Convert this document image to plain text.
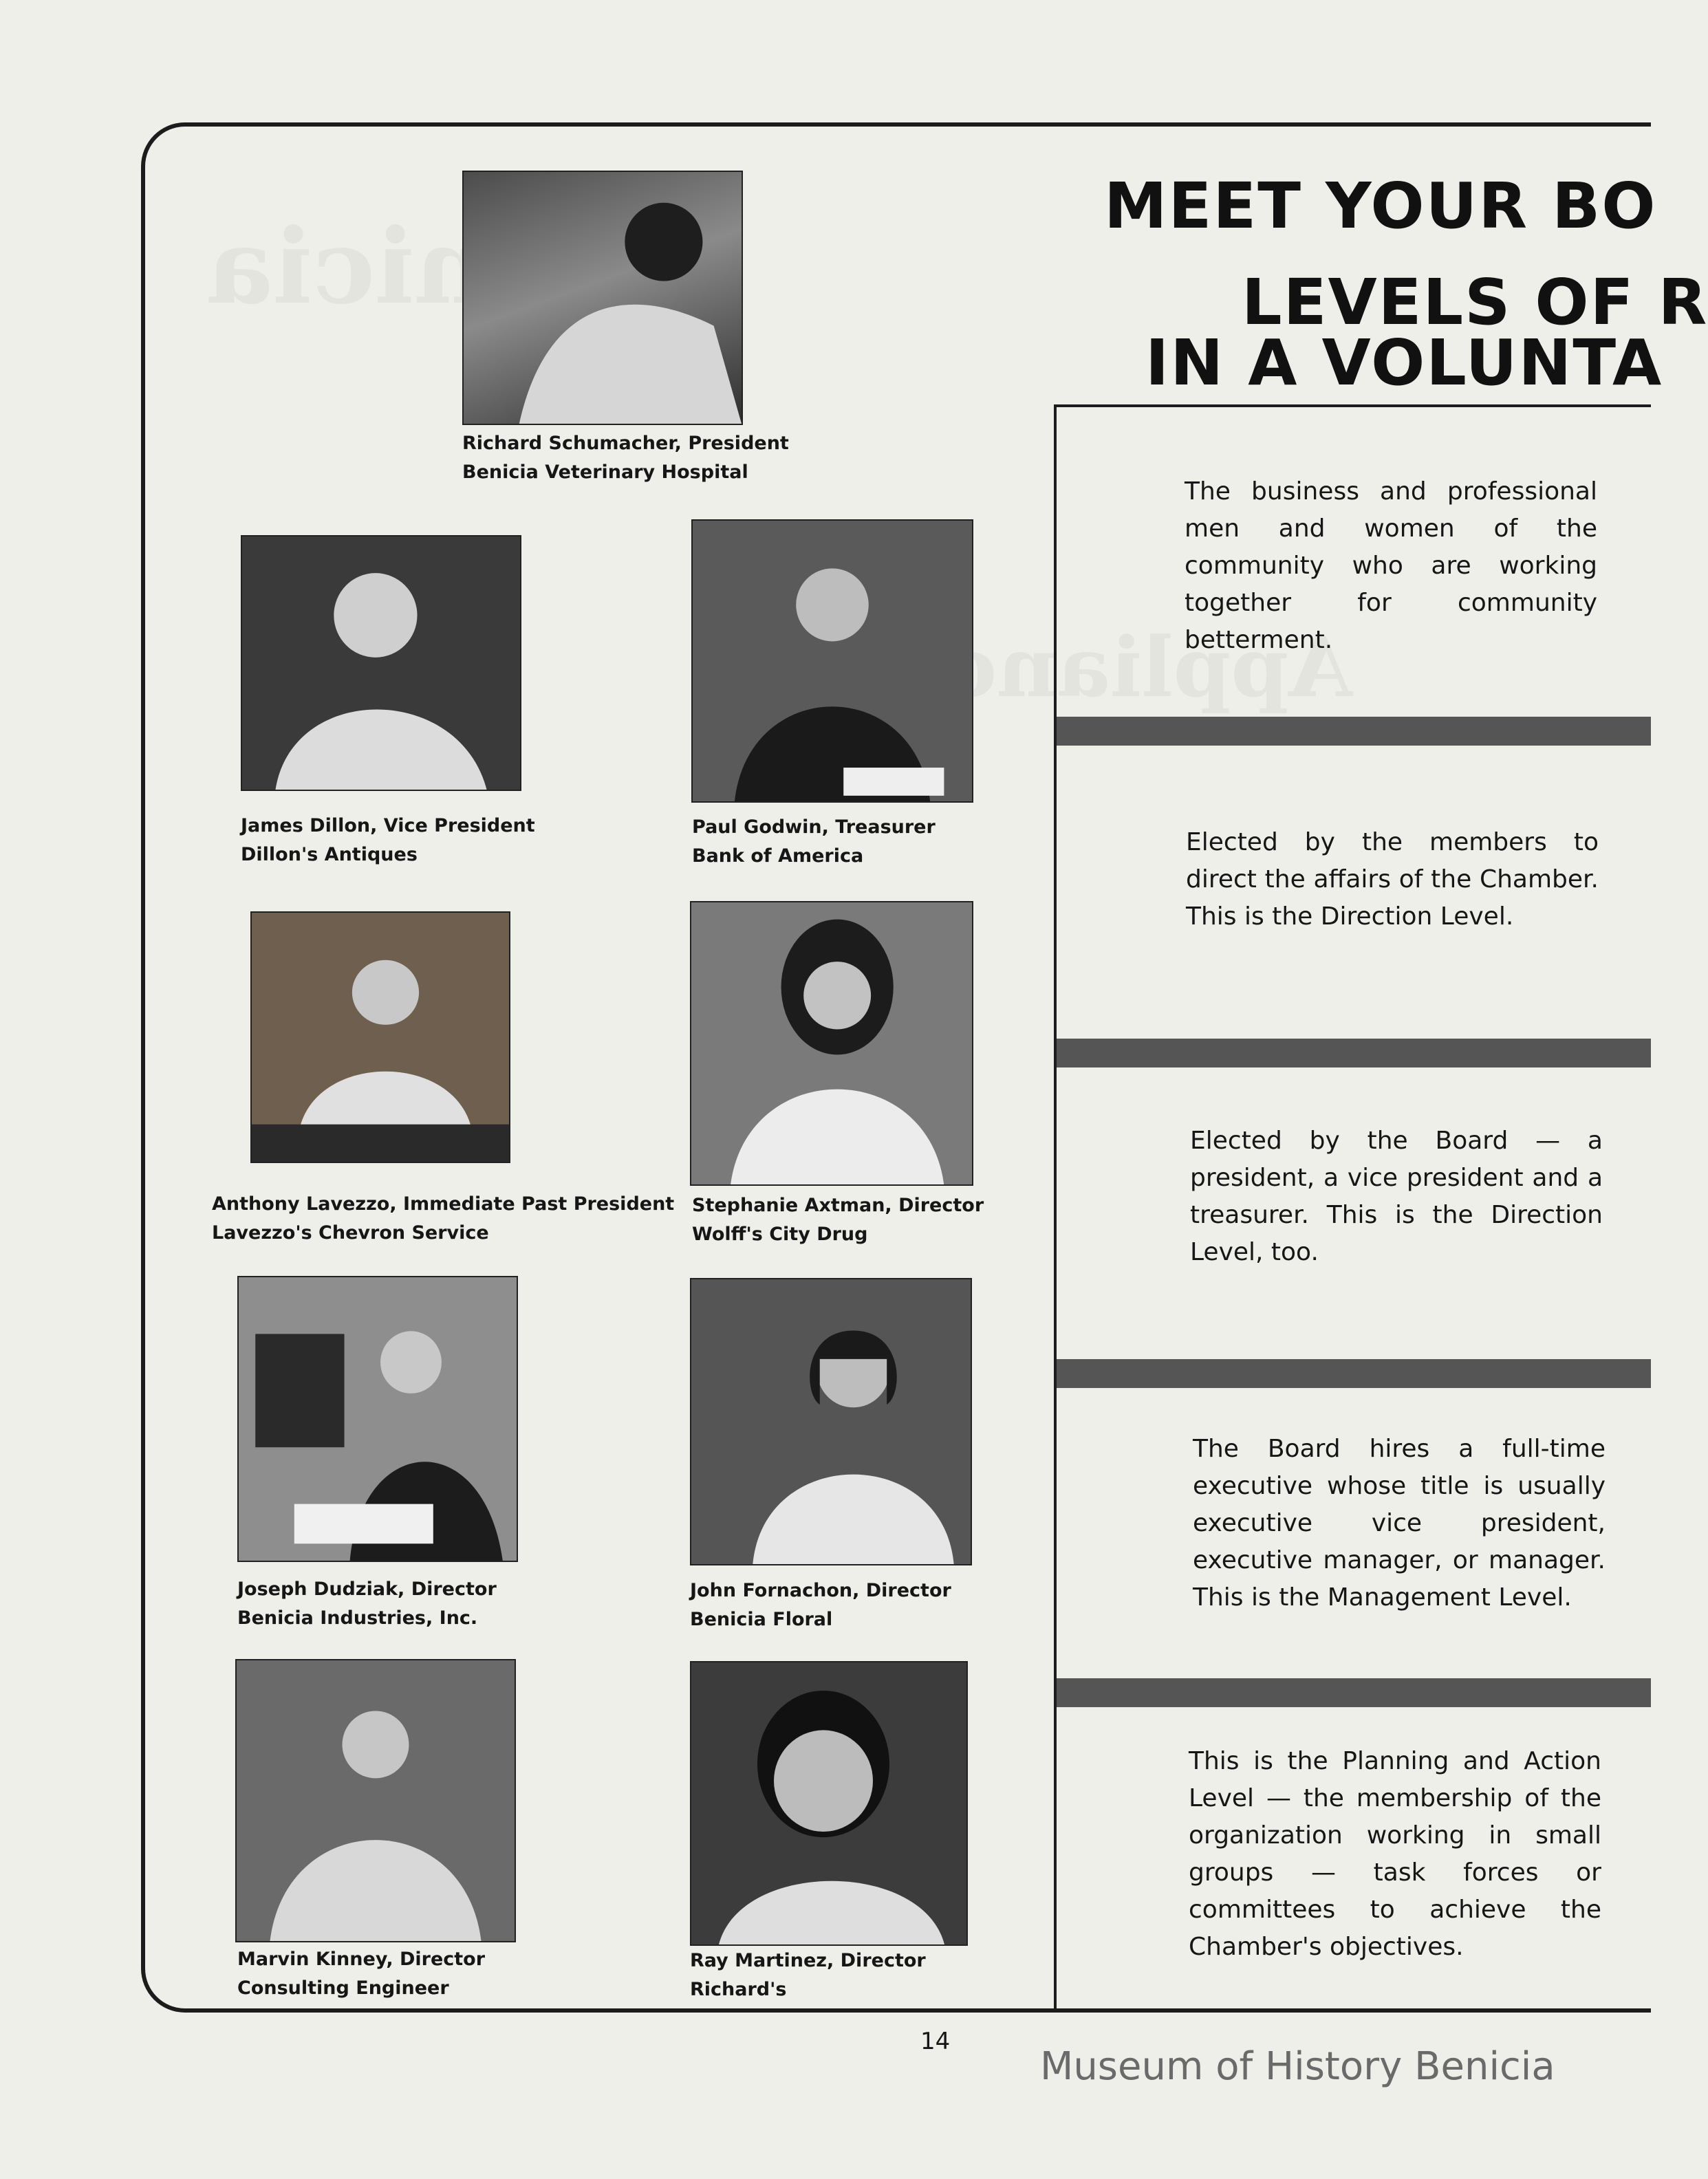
MEET YOUR BO
LEVELS OF R
IN A VOLUNTA
Richard Schumacher, President
Benicia Veterinary Hospital
James Dillon, Vice President
Dillon's Antiques
Paul Godwin, Treasurer
Bank of America
Anthony Lavezzo, Immediate Past President
Lavezzo's Chevron Service
Stephanie Axtman, Director
Wolff's City Drug
Joseph Dudziak, Director
Benicia Industries, Inc.
John Fornachon, Director
Benicia Floral
Marvin Kinney, Director
Consulting Engineer
Ray Martinez, Director
Richard's
The business and professional men and women of the community who are working together for community betterment.
Elected by the members to direct the affairs of the Chamber. This is the Direction Level.
Elected by the Board — a president, a vice president and a treasurer. This is the Direction Level, too.
The Board hires a full-time executive whose title is usually executive vice president, executive manager, or manager. This is the Management Level.
This is the Planning and Action Level — the membership of the organization working in small groups — task forces or committees to achieve the Chamber's objectives.
14
Museum of History Benicia
